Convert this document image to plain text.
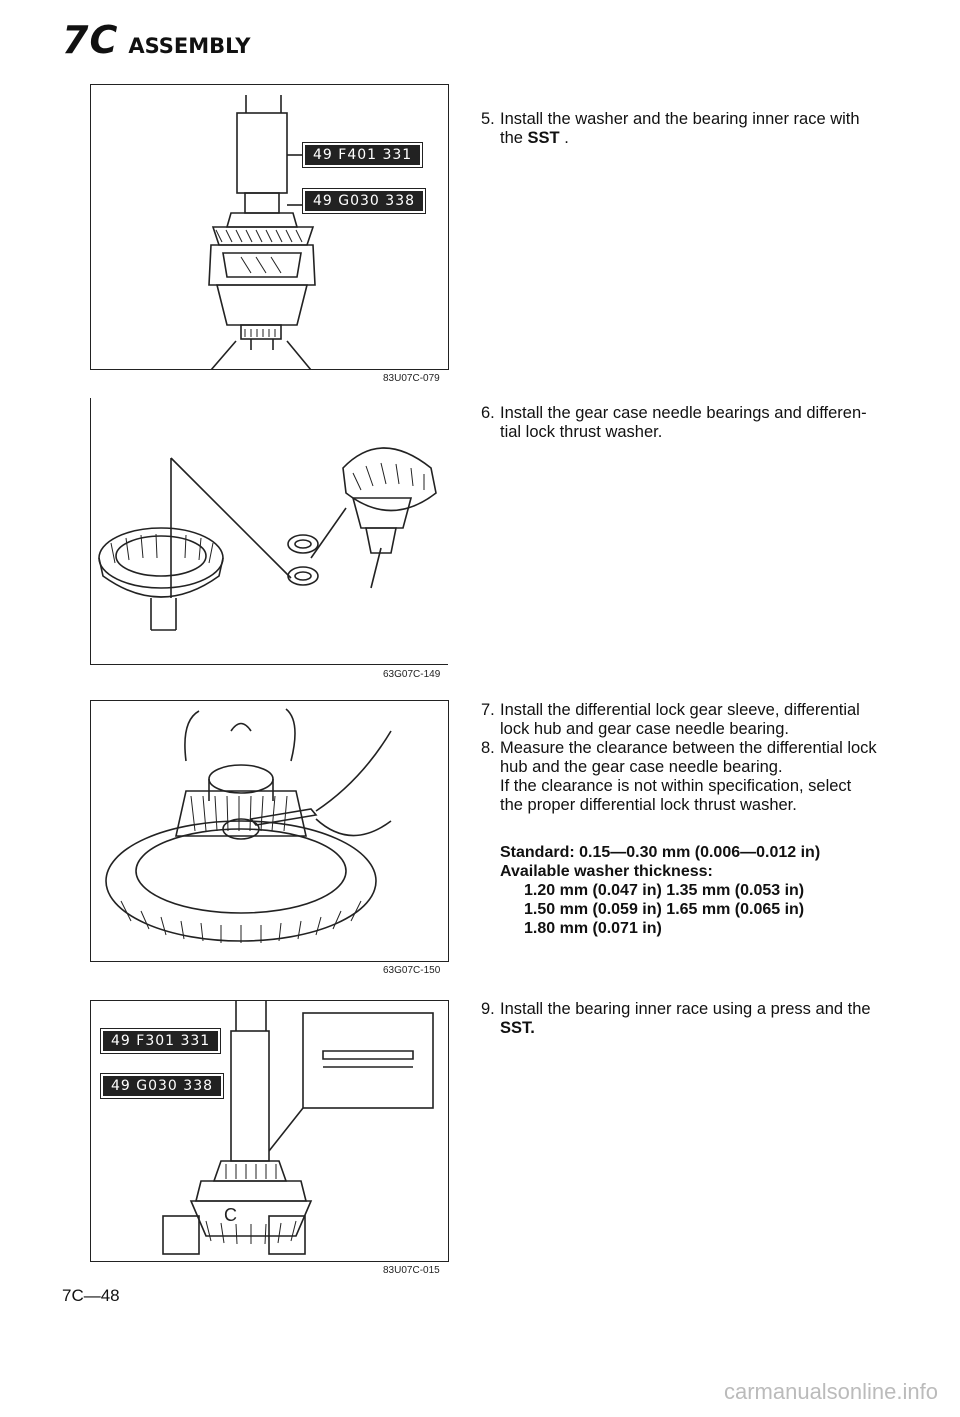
7C ASSEMBLY
49 F401 331
49 G030 338
83U07C-079
63G07C-149
63G07C-150
C
49 F301 331
49 G030 338
83U07C-015
5. Install the washer and the bearing inner race with
the SST .
6. Install the gear case needle bearings and differen-
tial lock thrust washer.
7. Install the differential lock gear sleeve, differential
lock hub and gear case needle bearing.
8. Measure the clearance between the differential lock
hub and the gear case needle bearing.
If the clearance is not within specification, select
the proper differential lock thrust washer.
Standard: 0.15—0.30 mm (0.006—0.012 in)
Available washer thickness:
1.20 mm (0.047 in) 1.35 mm (0.053 in)
1.50 mm (0.059 in) 1.65 mm (0.065 in)
1.80 mm (0.071 in)
9. Install the bearing inner race using a press and the
SST.
7C—48
carmanualsonline.info
